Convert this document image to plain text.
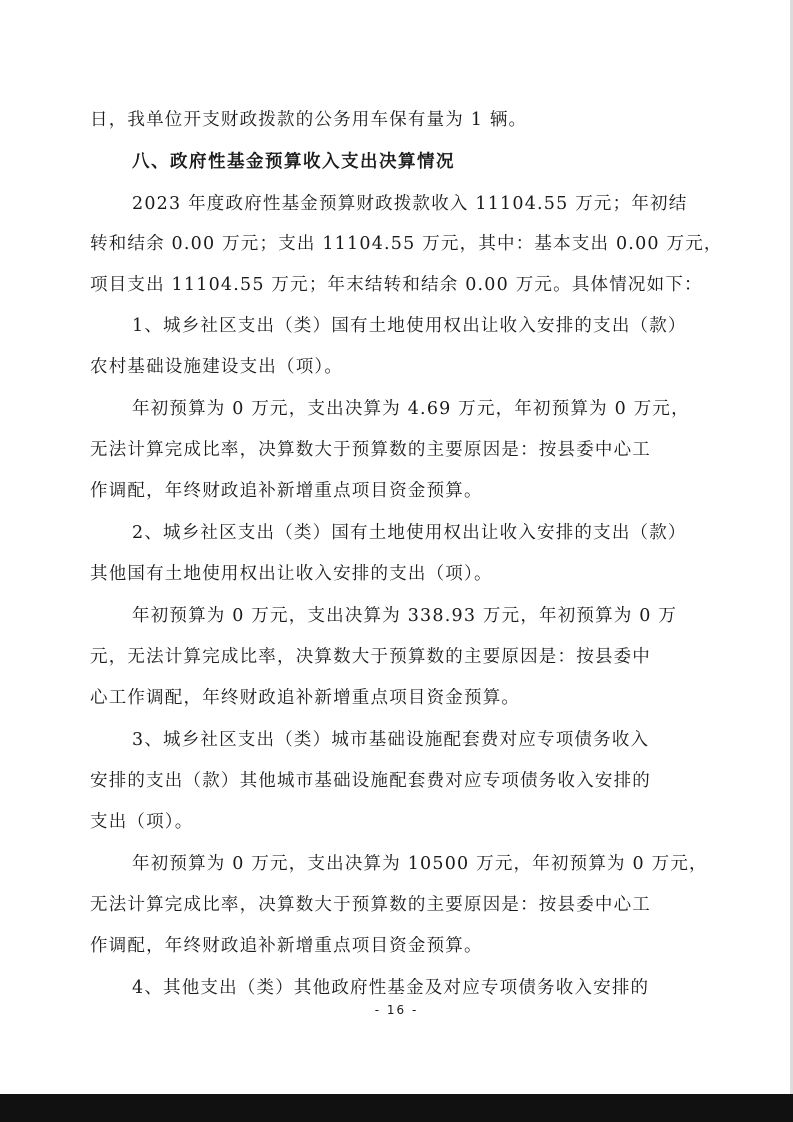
日，我单位开支财政拨款的公务用车保有量为 1 辆。
八、政府性基金预算收入支出决算情况
2023 年度政府性基金预算财政拨款收入 11104.55 万元；年初结
转和结余 0.00 万元；支出 11104.55 万元，其中：基本支出 0.00 万元，
项目支出 11104.55 万元；年末结转和结余 0.00 万元。具体情况如下：
1、城乡社区支出（类）国有土地使用权出让收入安排的支出（款）
农村基础设施建设支出（项）。
年初预算为 0 万元，支出决算为 4.69 万元，年初预算为 0 万元，
无法计算完成比率，决算数大于预算数的主要原因是：按县委中心工
作调配，年终财政追补新增重点项目资金预算。
2、城乡社区支出（类）国有土地使用权出让收入安排的支出（款）
其他国有土地使用权出让收入安排的支出（项）。
年初预算为 0 万元，支出决算为 338.93 万元，年初预算为 0 万
元，无法计算完成比率，决算数大于预算数的主要原因是：按县委中
心工作调配，年终财政追补新增重点项目资金预算。
3、城乡社区支出（类）城市基础设施配套费对应专项债务收入
安排的支出（款）其他城市基础设施配套费对应专项债务收入安排的
支出（项）。
年初预算为 0 万元，支出决算为 10500 万元，年初预算为 0 万元，
无法计算完成比率，决算数大于预算数的主要原因是：按县委中心工
作调配，年终财政追补新增重点项目资金预算。
4、其他支出（类）其他政府性基金及对应专项债务收入安排的
- 16 -
